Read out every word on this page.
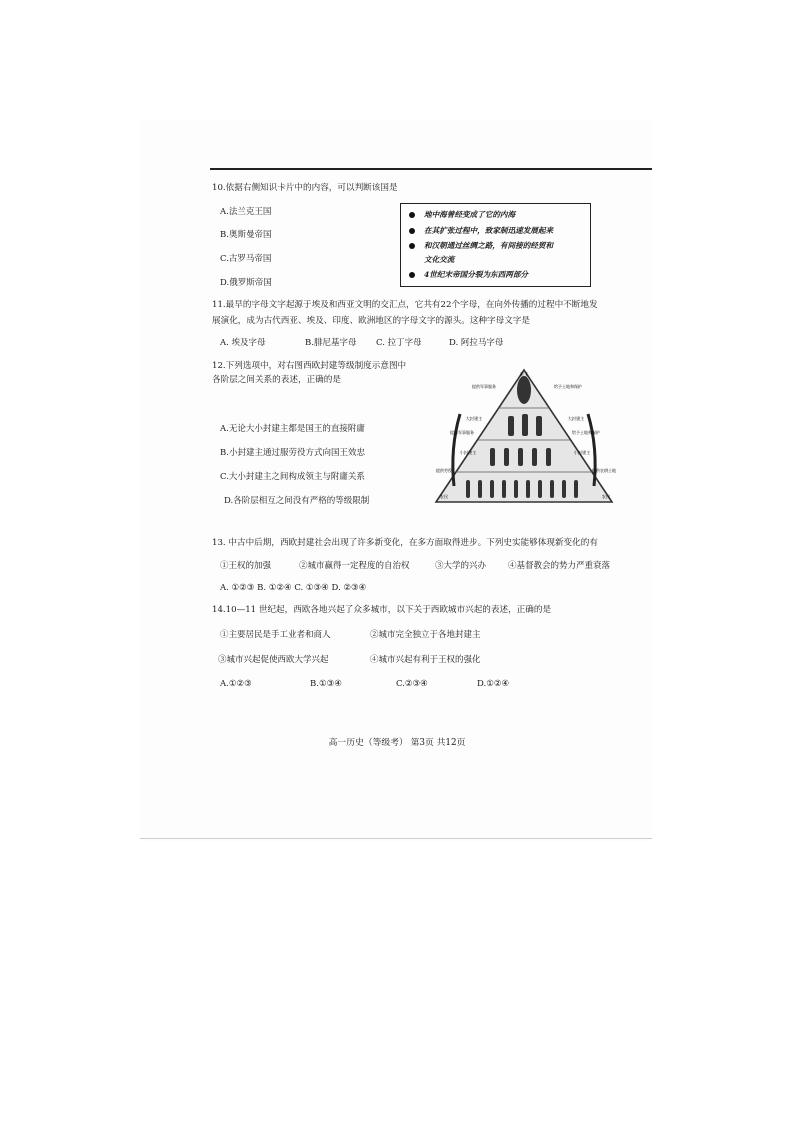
10.依据右侧知识卡片中的内容，可以判断该国是
A.法兰克王国
B.奥斯曼帝国
C.古罗马帝国
D.俄罗斯帝国
地中海曾经变成了它的内海
在其扩张过程中，致家制迅速发展起来
和汉朝通过丝绸之路，有间接的经贸和
文化交流
4世纪末帝国分裂为东西两部分
11.最早的字母文字起源于埃及和西亚文明的交汇点，它共有22个字母，在向外传播的过程中不断地发
展演化，成为古代西亚、埃及、印度、欧洲地区的字母文字的源头。这种字母文字是
A. 埃及字母	B.腓尼基字母 C. 拉丁字母	D. 阿拉马字母
12.下列选项中，对右图西欧封建等级制度示意图中
各阶层之间关系的表述，正确的是
A.无论大小封建主都是国王的直接附庸
B.小封建主通过服劳役方式向国王效忠
C.大小封建主之间构成领主与附庸关系
D.各阶层相互之间没有严格的等级限制
帝王
提供军事服务	给予土地和保护
大封建主	大封建主
提供军事服务	给予土地和保护
小封建主	小封建主
提供劳役	提供农耕土地
农民	农民
13. 中古中后期，西欧封建社会出现了许多新变化，在多方面取得进步。下列史实能够体现新变化的有
①王权的加强	②城市赢得一定程度的自治权	③大学的兴办	④基督教会的势力严重衰落
A. ①②③ B. ①②④ C. ①③④ D. ②③④
14.10—11 世纪起，西欧各地兴起了众多城市，以下关于西欧城市兴起的表述，正确的是
①主要居民是手工业者和商人	②城市完全独立于各地封建主
③城市兴起促使西欧大学兴起	④城市兴起有利于王权的强化
A.①②③	B.①③④	C.②③④	D.①②④
高一历史（等级考） 第3页 共12页
